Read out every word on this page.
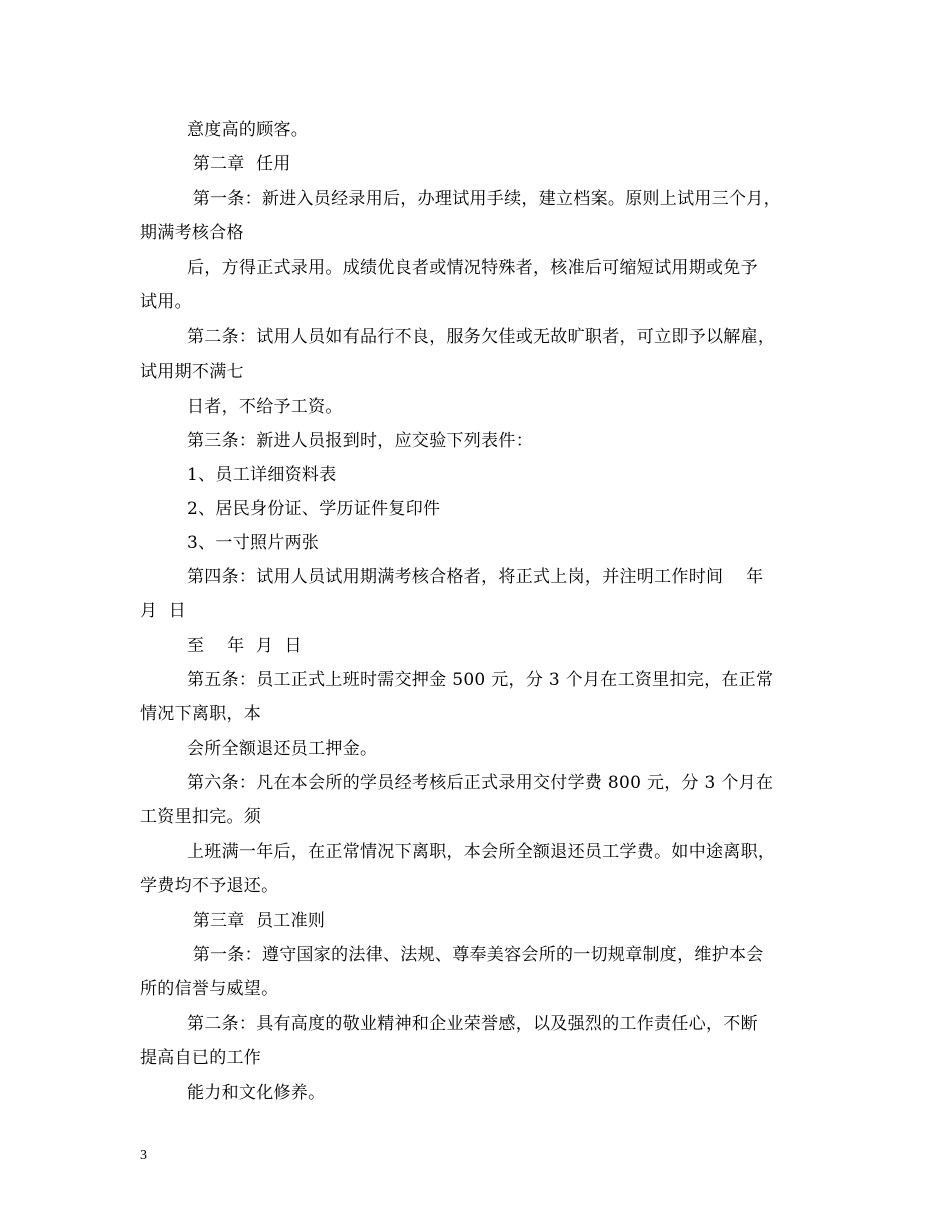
意度高的顾客。
第二章  任用
第一条：新进入员经录用后，办理试用手续，建立档案。原则上试用三个月，
期满考核合格
后，方得正式录用。成绩优良者或情况特殊者，核准后可缩短试用期或免予
试用。
第二条：试用人员如有品行不良，服务欠佳或无故旷职者，可立即予以解雇，
试用期不满七
日者，不给予工资。
第三条：新进人员报到时，应交验下列表件：
1、员工详细资料表
2、居民身份证、学历证件复印件
3、一寸照片两张
第四条：试用人员试用期满考核合格者，将正式上岗，并注明工作时间    年
月  日
至    年  月  日
第五条：员工正式上班时需交押金 500 元，分 3 个月在工资里扣完，在正常
情况下离职，本
会所全额退还员工押金。
第六条：凡在本会所的学员经考核后正式录用交付学费 800 元，分 3 个月在
工资里扣完。须
上班满一年后，在正常情况下离职，本会所全额退还员工学费。如中途离职，
学费均不予退还。
第三章  员工准则
第一条：遵守国家的法律、法规、尊奉美容会所的一切规章制度，维护本会
所的信誉与威望。
第二条：具有高度的敬业精神和企业荣誉感，以及强烈的工作责任心，不断
提高自已的工作
能力和文化修养。
3
